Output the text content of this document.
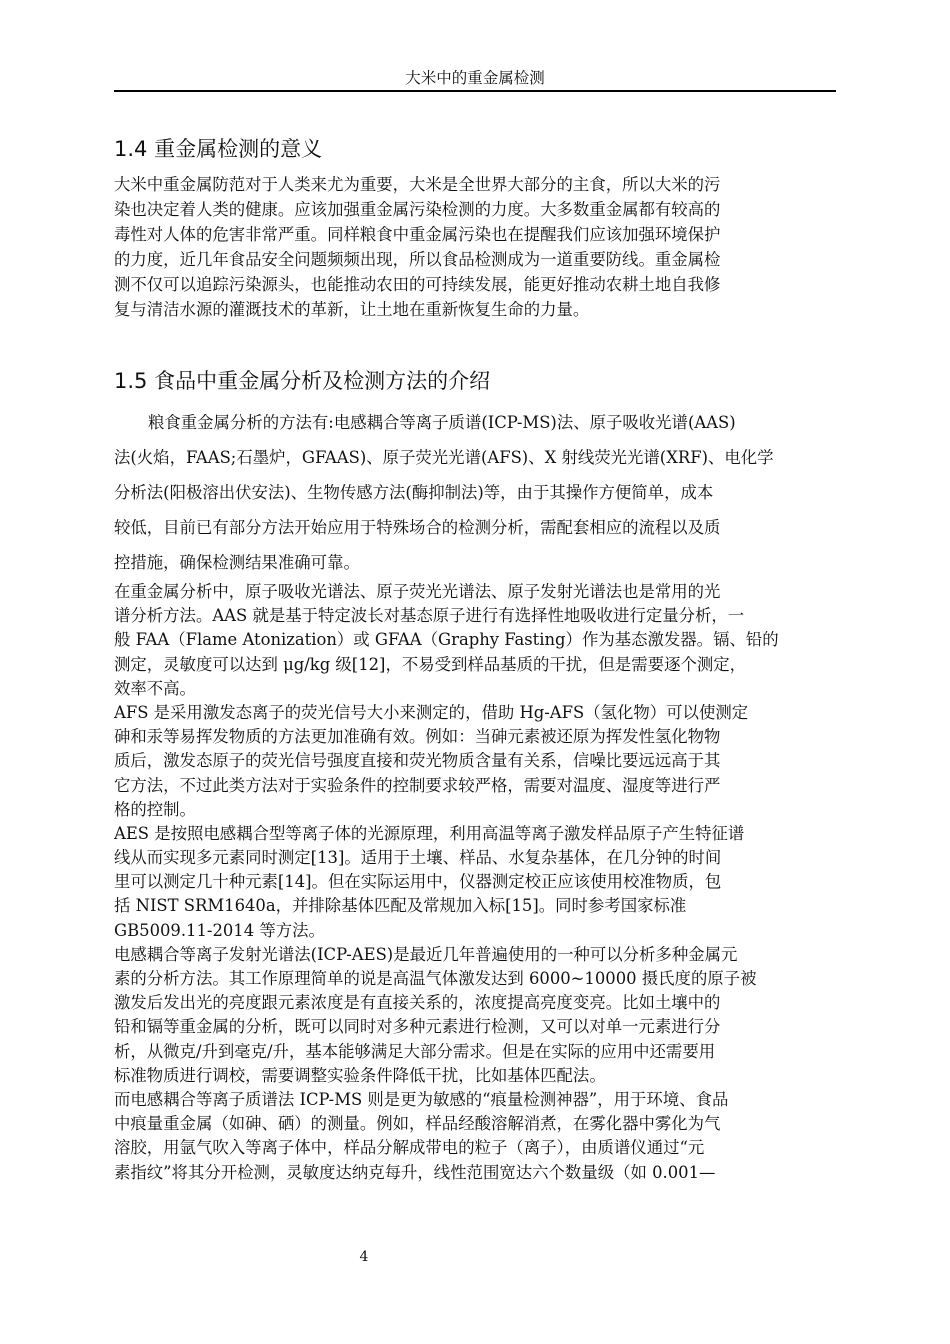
大米中的重金属检测
1.4 重金属检测的意义
大米中重金属防范对于人类来尤为重要，大米是全世界大部分的主食，所以大米的污
染也决定着人类的健康。应该加强重金属污染检测的力度。大多数重金属都有较高的
毒性对人体的危害非常严重。同样粮食中重金属污染也在提醒我们应该加强环境保护
的力度，近几年食品安全问题频频出现，所以食品检测成为一道重要防线。重金属检
测不仅可以追踪污染源头，也能推动农田的可持续发展，能更好推动农耕土地自我修
复与清洁水源的灌溉技术的革新，让土地在重新恢复生命的力量。
1.5 食品中重金属分析及检测方法的介绍
粮食重金属分析的方法有:电感耦合等离子质谱(ICP-MS)法、原子吸收光谱(AAS)
法(火焰，FAAS;石墨炉，GFAAS)、原子荧光光谱(AFS)、X 射线荧光光谱(XRF)、电化学
分析法(阳极溶出伏安法)、生物传感方法(酶抑制法)等，由于其操作方便简单，成本
较低，目前已有部分方法开始应用于特殊场合的检测分析，需配套相应的流程以及质
控措施，确保检测结果准确可靠。
在重金属分析中，原子吸收光谱法、原子荧光光谱法、原子发射光谱法也是常用的光
谱分析方法。AAS 就是基于特定波长对基态原子进行有选择性地吸收进行定量分析，一
般 FAA（Flame Atonization）或 GFAA（Graphy Fasting）作为基态激发器。镉、铅的
测定，灵敏度可以达到 μg/kg 级[12]，不易受到样品基质的干扰，但是需要逐个测定，
效率不高。
AFS 是采用激发态离子的荧光信号大小来测定的，借助 Hg-AFS（氢化物）可以使测定
砷和汞等易挥发物质的方法更加准确有效。例如：当砷元素被还原为挥发性氢化物物
质后，激发态原子的荧光信号强度直接和荧光物质含量有关系，信噪比要远远高于其
它方法，不过此类方法对于实验条件的控制要求较严格，需要对温度、湿度等进行严
格的控制。
AES 是按照电感耦合型等离子体的光源原理，利用高温等离子激发样品原子产生特征谱
线从而实现多元素同时测定[13]。适用于土壤、样品、水复杂基体，在几分钟的时间
里可以测定几十种元素[14]。但在实际运用中，仪器测定校正应该使用校准物质，包
括 NIST SRM1640a，并排除基体匹配及常规加入标[15]。同时参考国家标准
GB5009.11-2014 等方法。
电感耦合等离子发射光谱法(ICP-AES)是最近几年普遍使用的一种可以分析多种金属元
素的分析方法。其工作原理简单的说是高温气体激发达到 6000~10000 摄氏度的原子被
激发后发出光的亮度跟元素浓度是有直接关系的，浓度提高亮度变亮。比如土壤中的
铅和镉等重金属的分析，既可以同时对多种元素进行检测，又可以对单一元素进行分
析，从微克/升到毫克/升，基本能够满足大部分需求。但是在实际的应用中还需要用
标准物质进行调校，需要调整实验条件降低干扰，比如基体匹配法。
而电感耦合等离子质谱法 ICP-MS 则是更为敏感的“痕量检测神器”，用于环境、食品
中痕量重金属（如砷、硒）的测量。例如，样品经酸溶解消煮，在雾化器中雾化为气
溶胶，用氩气吹入等离子体中，样品分解成带电的粒子（离子），由质谱仪通过“元
素指纹”将其分开检测，灵敏度达纳克每升，线性范围宽达六个数量级（如 0.001—
4
